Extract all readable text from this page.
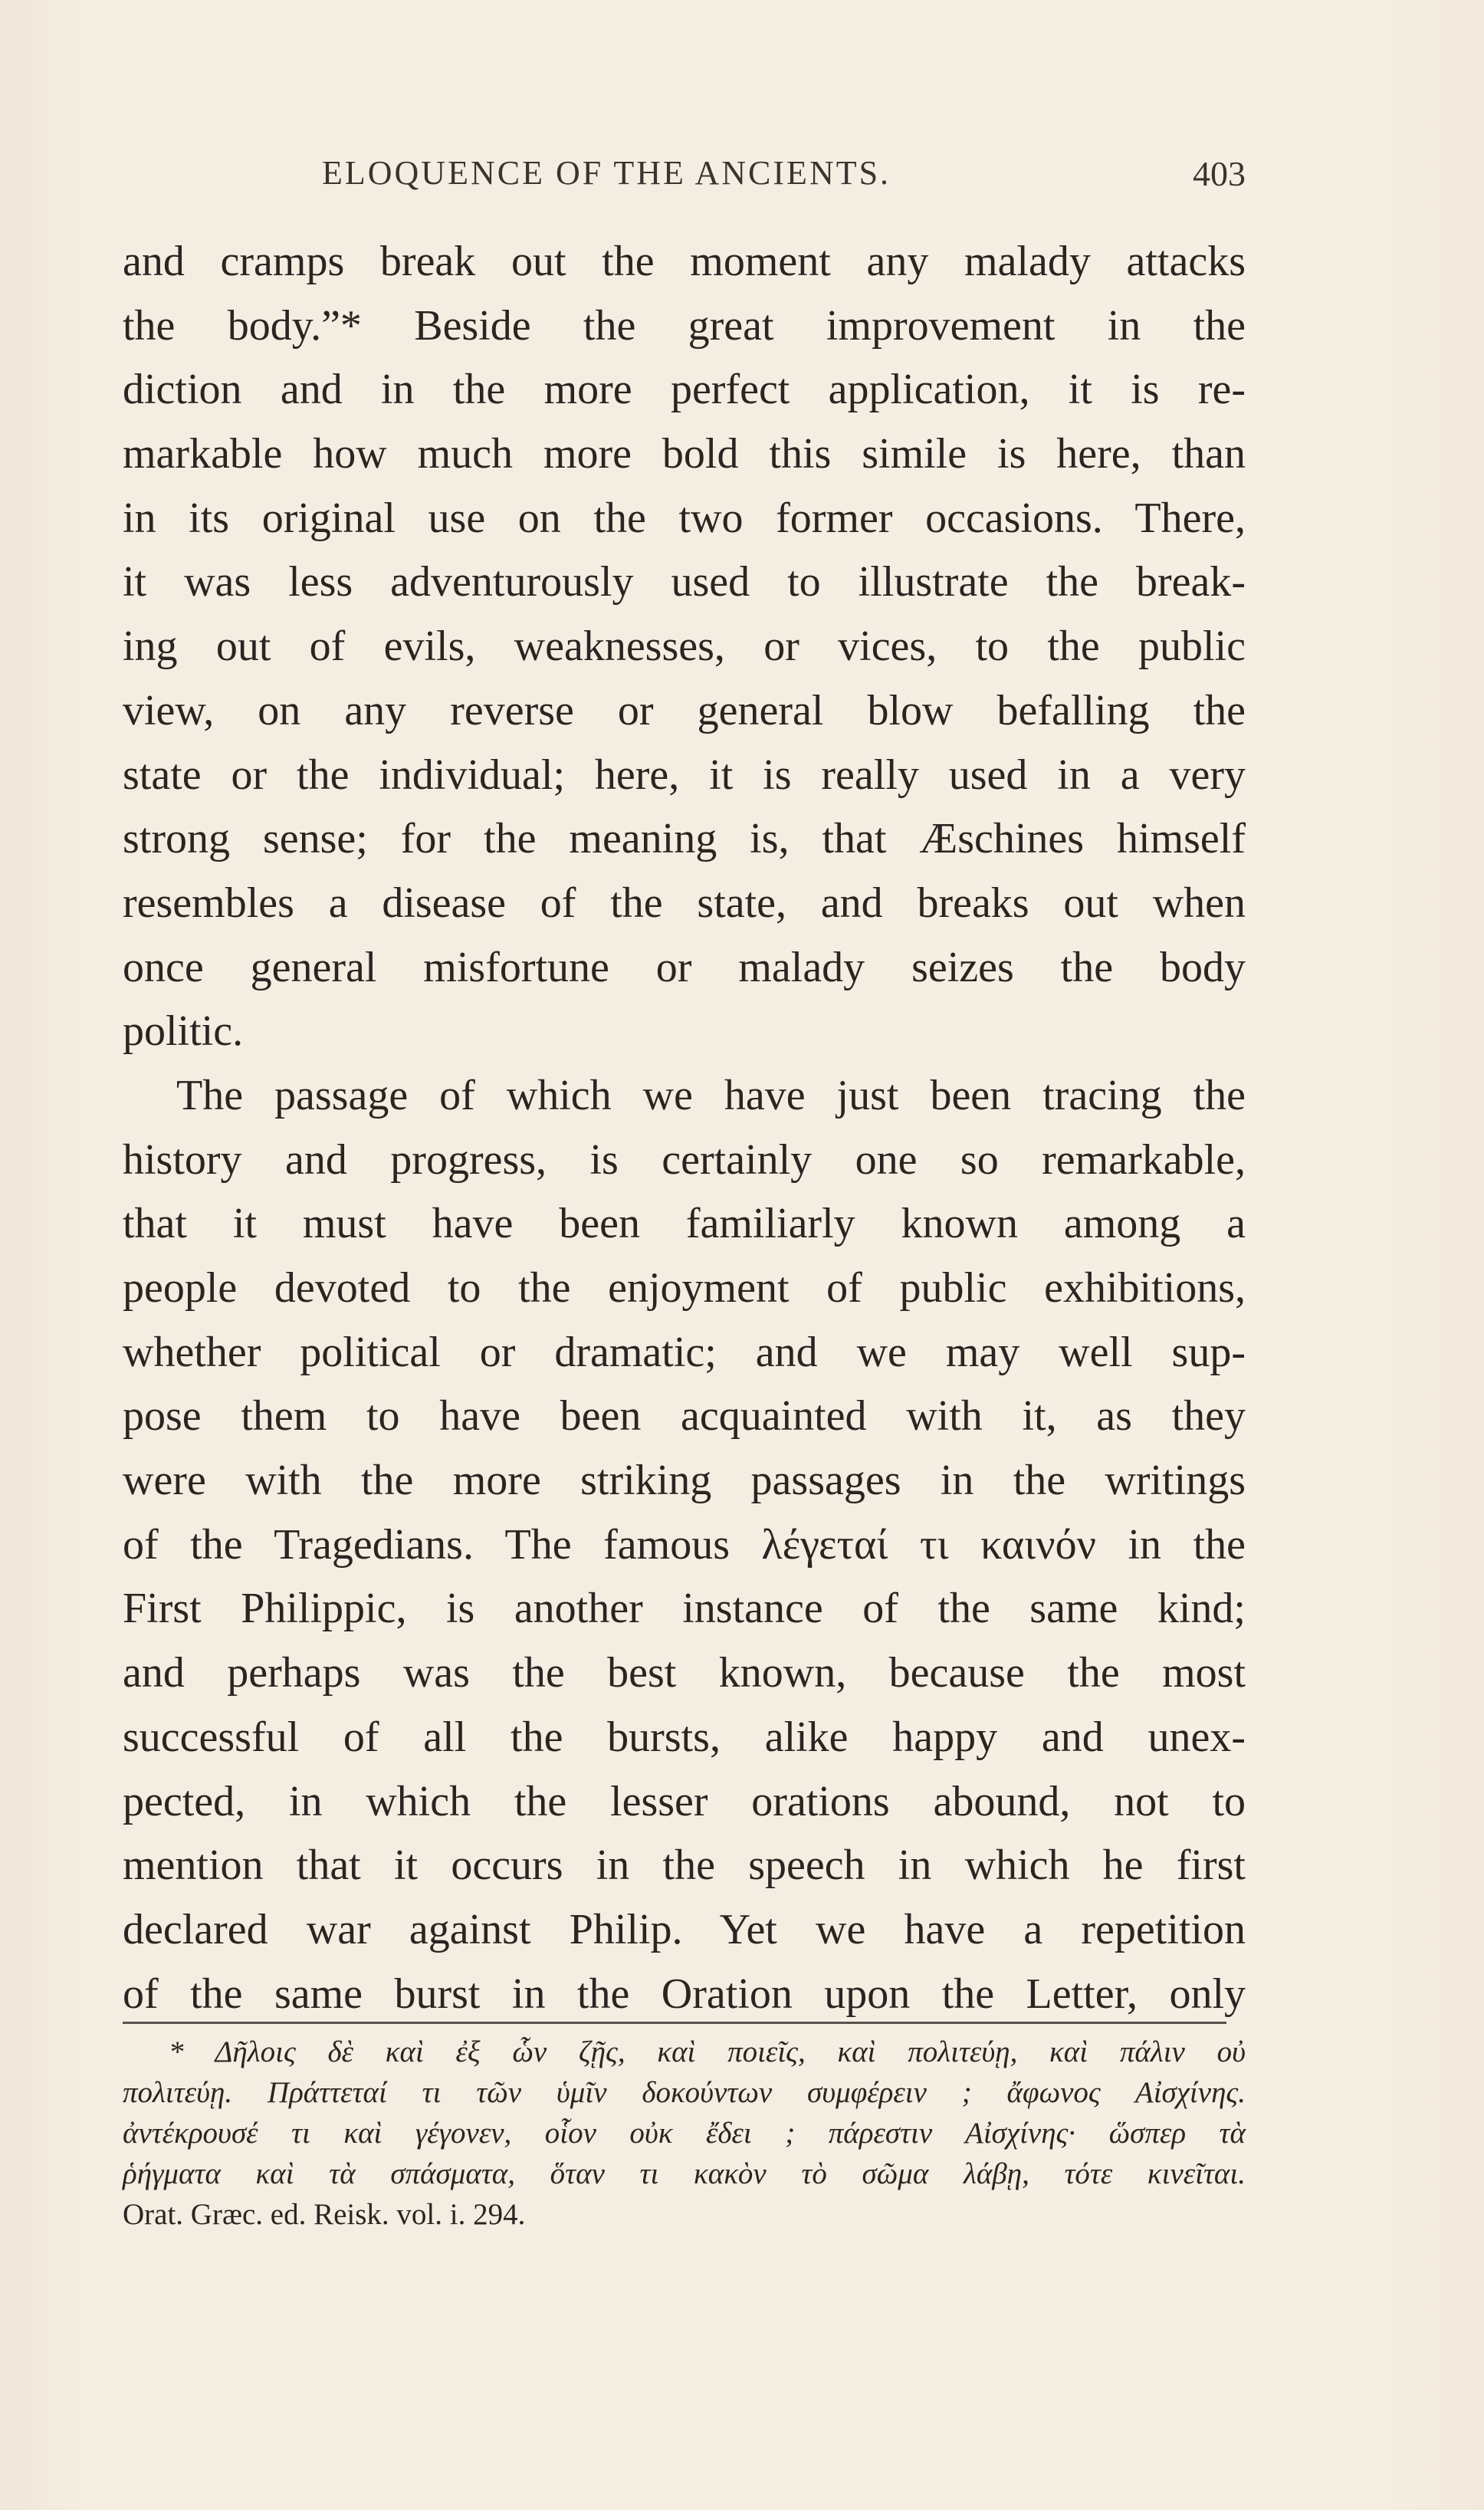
ELOQUENCE OF THE ANCIENTS.	403
and cramps break out the moment any malady attacks
the body.”* Beside the great improvement in the
diction and in the more perfect application, it is re-
markable how much more bold this simile is here, than
in its original use on the two former occasions. There,
it was less adventurously used to illustrate the break-
ing out of evils, weaknesses, or vices, to the public
view, on any reverse or general blow befalling the
state or the individual; here, it is really used in a very
strong sense; for the meaning is, that Æschines himself
resembles a disease of the state, and breaks out when
once general misfortune or malady seizes the body
politic.
The passage of which we have just been tracing the
history and progress, is certainly one so remarkable,
that it must have been familiarly known among a
people devoted to the enjoyment of public exhibitions,
whether political or dramatic; and we may well sup-
pose them to have been acquainted with it, as they
were with the more striking passages in the writings
of the Tragedians. The famous λέγεταί τι καινόν in the
First Philippic, is another instance of the same kind;
and perhaps was the best known, because the most
successful of all the bursts, alike happy and unex-
pected, in which the lesser orations abound, not to
mention that it occurs in the speech in which he first
declared war against Philip. Yet we have a repetition
of the same burst in the Oration upon the Letter, only
* Δῆλοις δὲ καὶ ἐξ ὧν ζῇς, καὶ ποιεῖς, καὶ πολιτεύῃ, καὶ πάλιν οὐ
πολιτεύῃ. Πράττεταί τι τῶν ὑμῖν δοκούντων συμφέρειν ; ἄφωνος Αἰσχίνης.
ἀντέκρουσέ τι καὶ γέγονεν, οἷον οὐκ ἔδει ; πάρεστιν Αἰσχίνης· ὥσπερ τὰ
ῥήγματα καὶ τὰ σπάσματα, ὅταν τι κακὸν τὸ σῶμα λάβῃ, τότε κινεῖται.
Orat. Græc. ed. Reisk. vol. i. 294.
